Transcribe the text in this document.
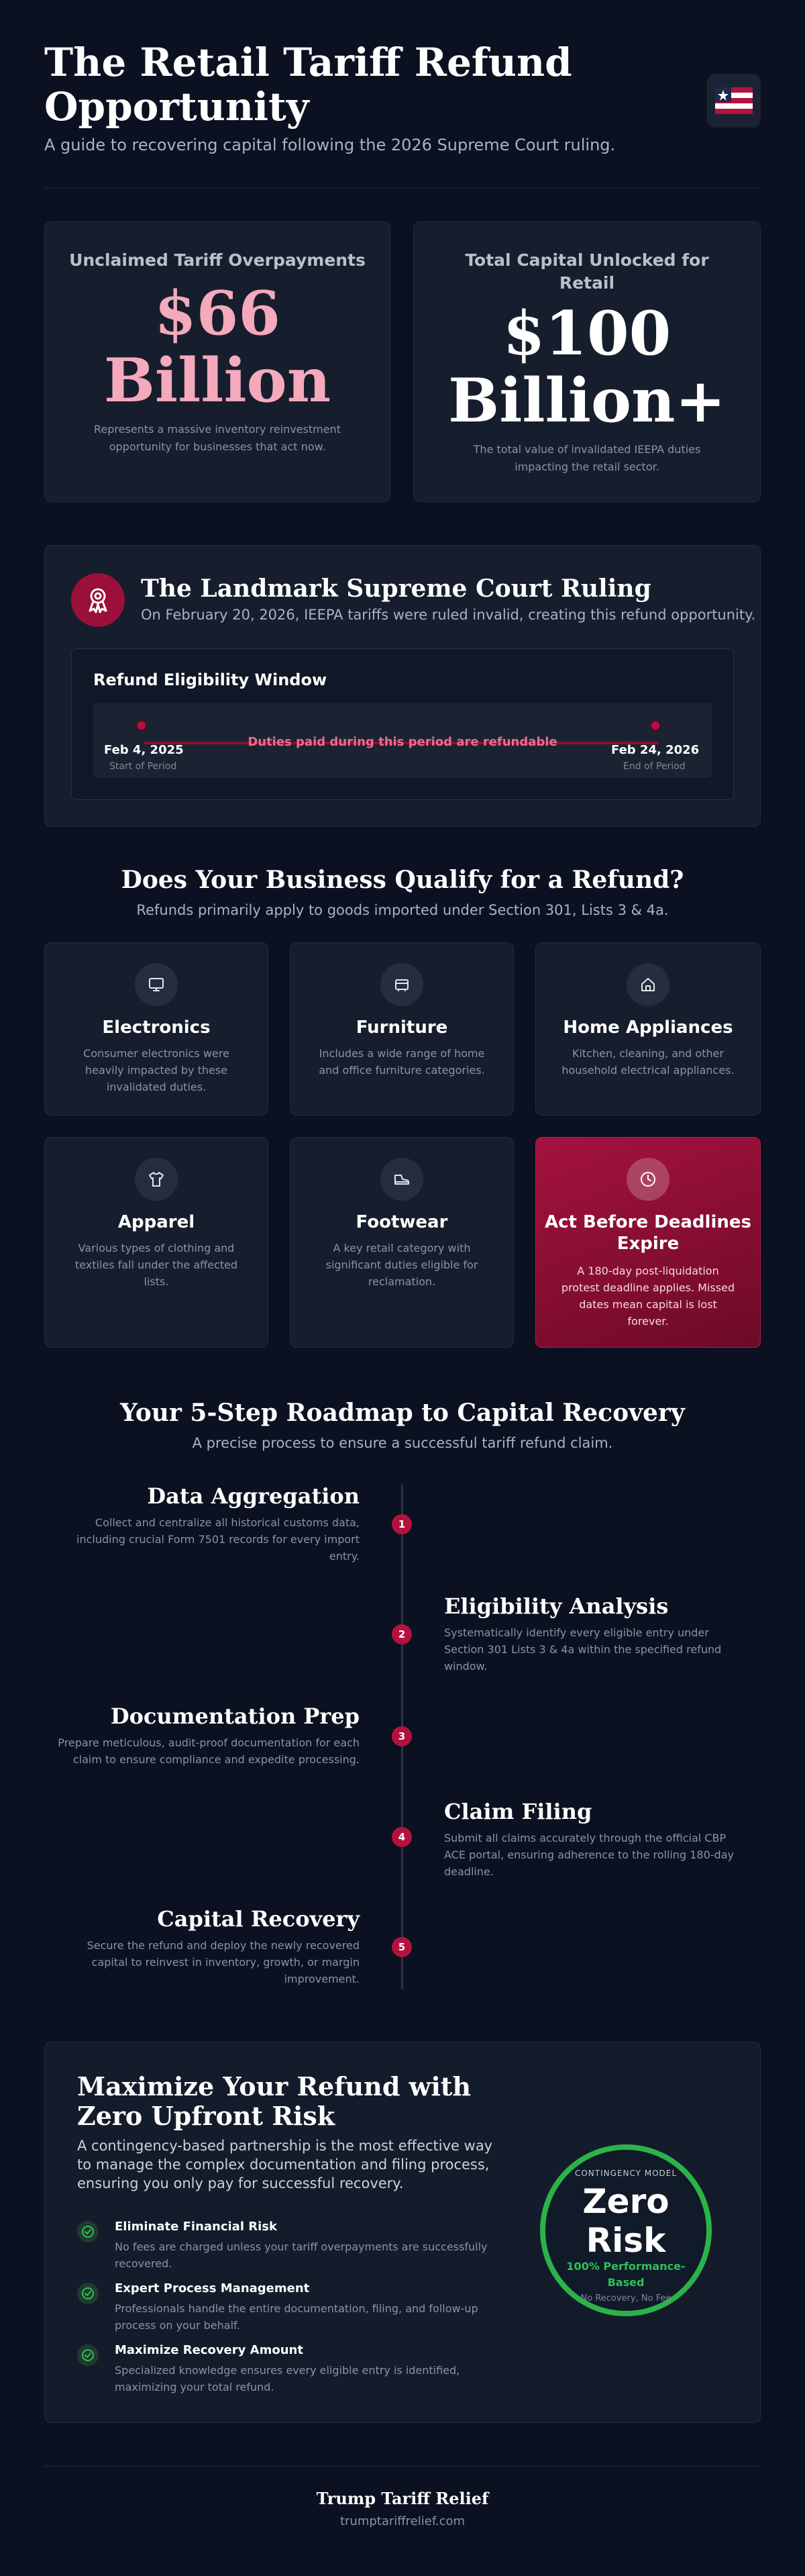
The Retail Tariff Refund Opportunity
A guide to recovering capital following the 2026 Supreme Court ruling.
Unclaimed Tariff Overpayments
$66 Billion
Represents a massive inventory reinvestment opportunity for businesses that act now.
Total Capital Unlocked for Retail
$100 Billion+
The total value of invalidated IEEPA duties impacting the retail sector.
The Landmark Supreme Court Ruling
On February 20, 2026, IEEPA tariffs were ruled invalid, creating this refund opportunity.
Refund Eligibility Window
Duties paid during this period are refundable
Feb 4, 2025
Start of Period
Feb 24, 2026
End of Period
Does Your Business Qualify for a Refund?
Refunds primarily apply to goods imported under Section 301, Lists 3 & 4a.
Electronics
Consumer electronics were heavily impacted by these invalidated duties.
Furniture
Includes a wide range of home and office furniture categories.
Home Appliances
Kitchen, cleaning, and other household electrical appliances.
Apparel
Various types of clothing and textiles fall under the affected lists.
Footwear
A key retail category with significant duties eligible for reclamation.
Act Before Deadlines Expire
A 180-day post-liquidation protest deadline applies. Missed dates mean capital is lost forever.
Your 5-Step Roadmap to Capital Recovery
A precise process to ensure a successful tariff refund claim.
Data Aggregation
Collect and centralize all historical customs data, including crucial Form 7501 records for every import entry.
1
Eligibility Analysis
Systematically identify every eligible entry under Section 301 Lists 3 & 4a within the specified refund window.
2
Documentation Prep
Prepare meticulous, audit-proof documentation for each claim to ensure compliance and expedite processing.
3
Claim Filing
Submit all claims accurately through the official CBP ACE portal, ensuring adherence to the rolling 180-day deadline.
4
Capital Recovery
Secure the refund and deploy the newly recovered capital to reinvest in inventory, growth, or margin improvement.
5
Maximize Your Refund with Zero Upfront Risk
A contingency-based partnership is the most effective way to manage the complex documentation and filing process, ensuring you only pay for successful recovery.
Eliminate Financial Risk
No fees are charged unless your tariff overpayments are successfully recovered.
Expert Process Management
Professionals handle the entire documentation, filing, and follow-up process on your behalf.
Maximize Recovery Amount
Specialized knowledge ensures every eligible entry is identified, maximizing your total refund.
CONTINGENCY MODEL
Zero Risk
100% Performance-Based
No Recovery, No Fee
Trump Tariff Relief
trumptariffrelief.com
